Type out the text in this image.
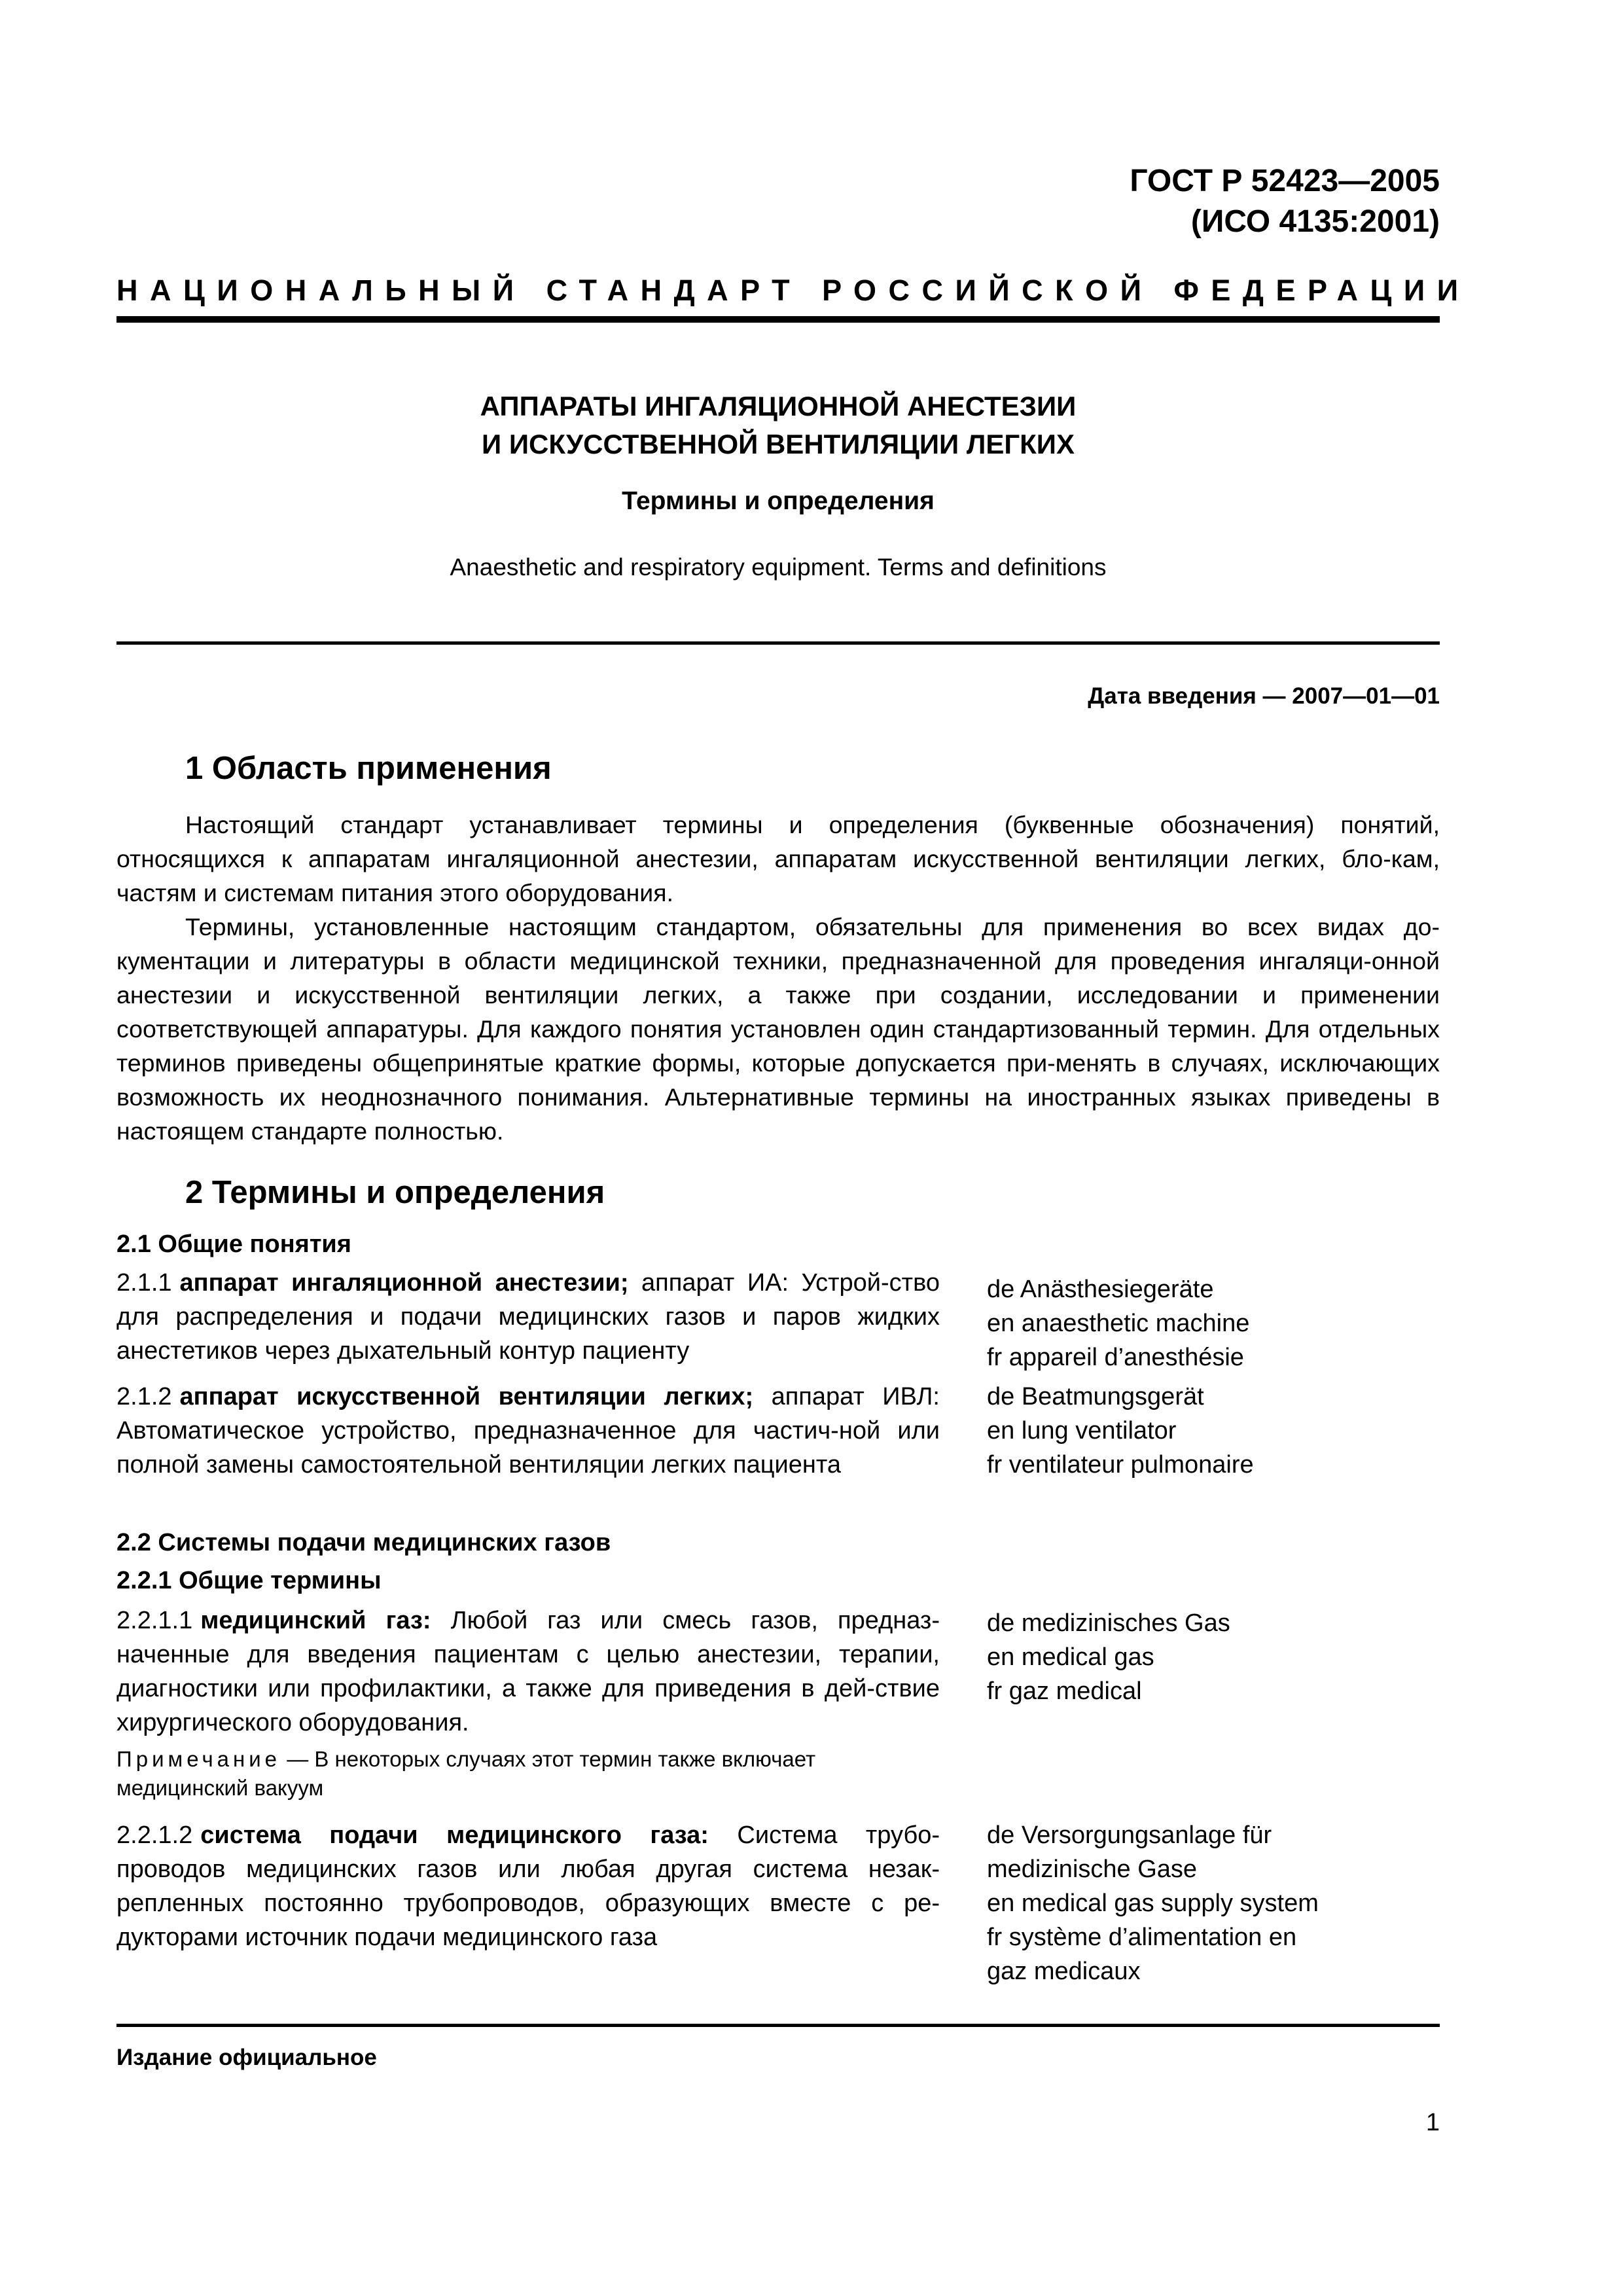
ГОСТ Р 52423—2005
(ИСО 4135:2001)
НАЦИОНАЛЬНЫЙ СТАНДАРТ РОССИЙСКОЙ ФЕДЕРАЦИИ
АППАРАТЫ ИНГАЛЯЦИОННОЙ АНЕСТЕЗИИ
И ИСКУССТВЕННОЙ ВЕНТИЛЯЦИИ ЛЕГКИХ
Термины и определения
Anaesthetic and respiratory equipment. Terms and definitions
Дата введения — 2007—01—01
1 Область применения
Настоящий стандарт устанавливает термины и определения (буквенные обозначения) понятий, относящихся к аппаратам ингаляционной анестезии, аппаратам искусственной вентиляции легких, бло-кам, частям и системам питания этого оборудования.
Термины, установленные настоящим стандартом, обязательны для применения во всех видах до-кументации и литературы в области медицинской техники, предназначенной для проведения ингаляци-онной анестезии и искусственной вентиляции легких, а также при создании, исследовании и применении соответствующей аппаратуры. Для каждого понятия установлен один стандартизованный термин. Для отдельных терминов приведены общепринятые краткие формы, которые допускается при-менять в случаях, исключающих возможность их неоднозначного понимания. Альтернативные термины на иностранных языках приведены в настоящем стандарте полностью.
2 Термины и определения
2.1 Общие понятия
2.1.1 аппарат ингаляционной анестезии; аппарат ИА: Устрой-ство для распределения и подачи медицинских газов и паров жидких анестетиков через дыхательный контур пациенту
de Anästhesiegeräte
en anaesthetic machine
fr appareil d’anesthésie
2.1.2 аппарат искусственной вентиляции легких; аппарат ИВЛ: Автоматическое устройство, предназначенное для частич-ной или полной замены самостоятельной вентиляции легких пациента
de Beatmungsgerät
en lung ventilator
fr ventilateur pulmonaire
2.2 Системы подачи медицинских газов
2.2.1 Общие термины
2.2.1.1 медицинский газ: Любой газ или смесь газов, предназ-наченные для введения пациентам с целью анестезии, терапии, диагностики или профилактики, а также для приведения в дей-ствие хирургического оборудования.
de medizinisches Gas
en medical gas
fr gaz medical
Примечание — В некоторых случаях этот термин также включает медицинский вакуум
2.2.1.2 система подачи медицинского газа: Система трубо-проводов медицинских газов или любая другая система незак-репленных постоянно трубопроводов, образующих вместе с ре-дукторами источник подачи медицинского газа
de Versorgungsanlage für
medizinische Gase
en medical gas supply system
fr système d’alimentation en
gaz medicaux
Издание официальное
1
